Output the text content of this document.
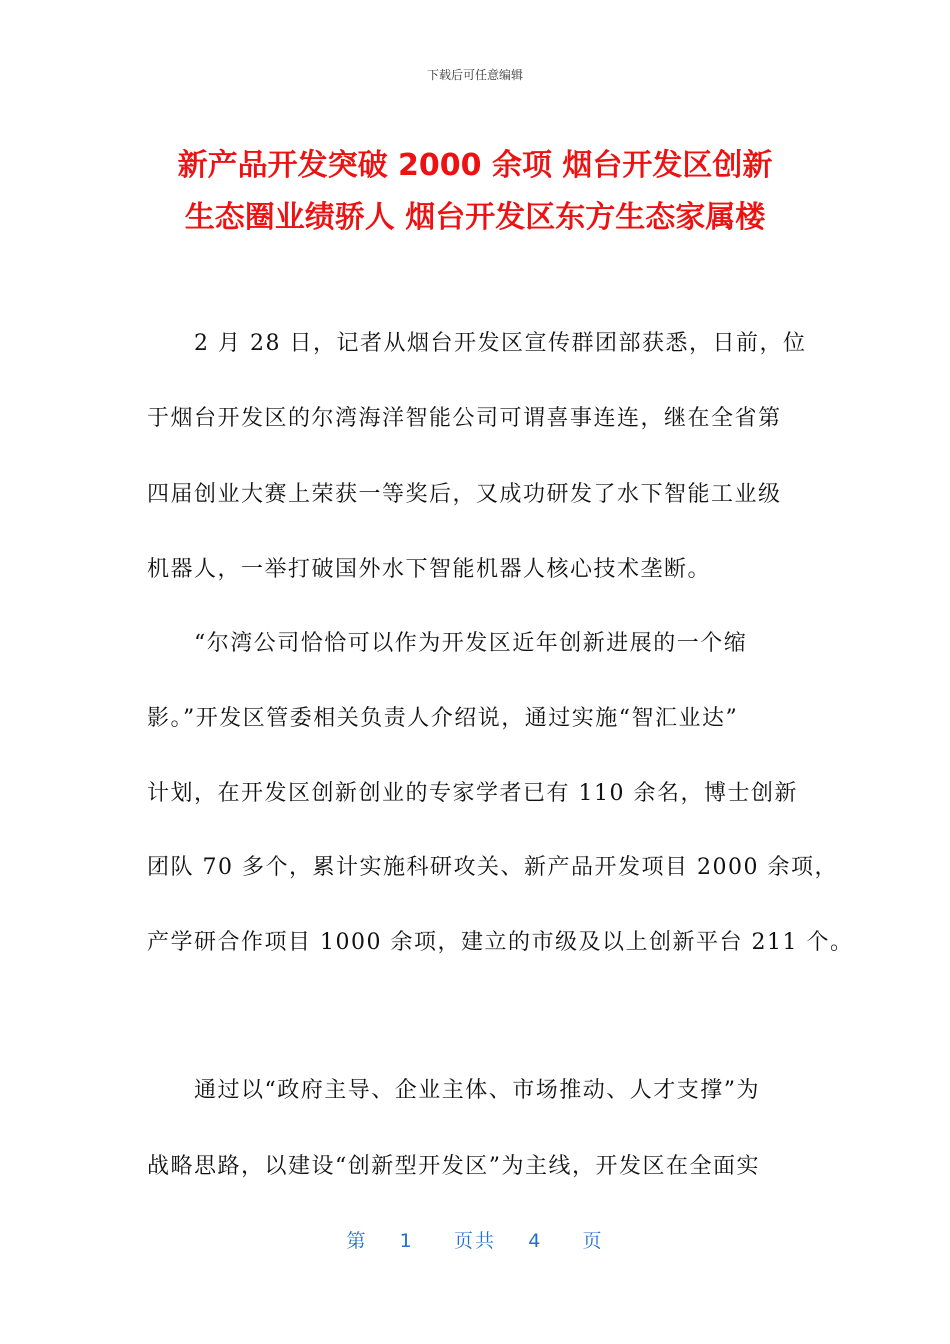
下载后可任意编辑
新产品开发突破 2000 余项 烟台开发区创新
生态圈业绩骄人 烟台开发区东方生态家属楼
　　2 月 28 日，记者从烟台开发区宣传群团部获悉，日前，位
于烟台开发区的尔湾海洋智能公司可谓喜事连连，继在全省第
四届创业大赛上荣获一等奖后，又成功研发了水下智能工业级
机器人，一举打破国外水下智能机器人核心技术垄断。
　　“尔湾公司恰恰可以作为开发区近年创新进展的一个缩
影。”开发区管委相关负责人介绍说，通过实施“智汇业达”
计划，在开发区创新创业的专家学者已有 110 余名，博士创新
团队 70 多个，累计实施科研攻关、新产品开发项目 2000 余项，
产学研合作项目 1000 余项，建立的市级及以上创新平台 211 个。
　　通过以“政府主导、企业主体、市场推动、人才支撑”为
战略思路，以建设“创新型开发区”为主线，开发区在全面实
第 1 页共 4 页
